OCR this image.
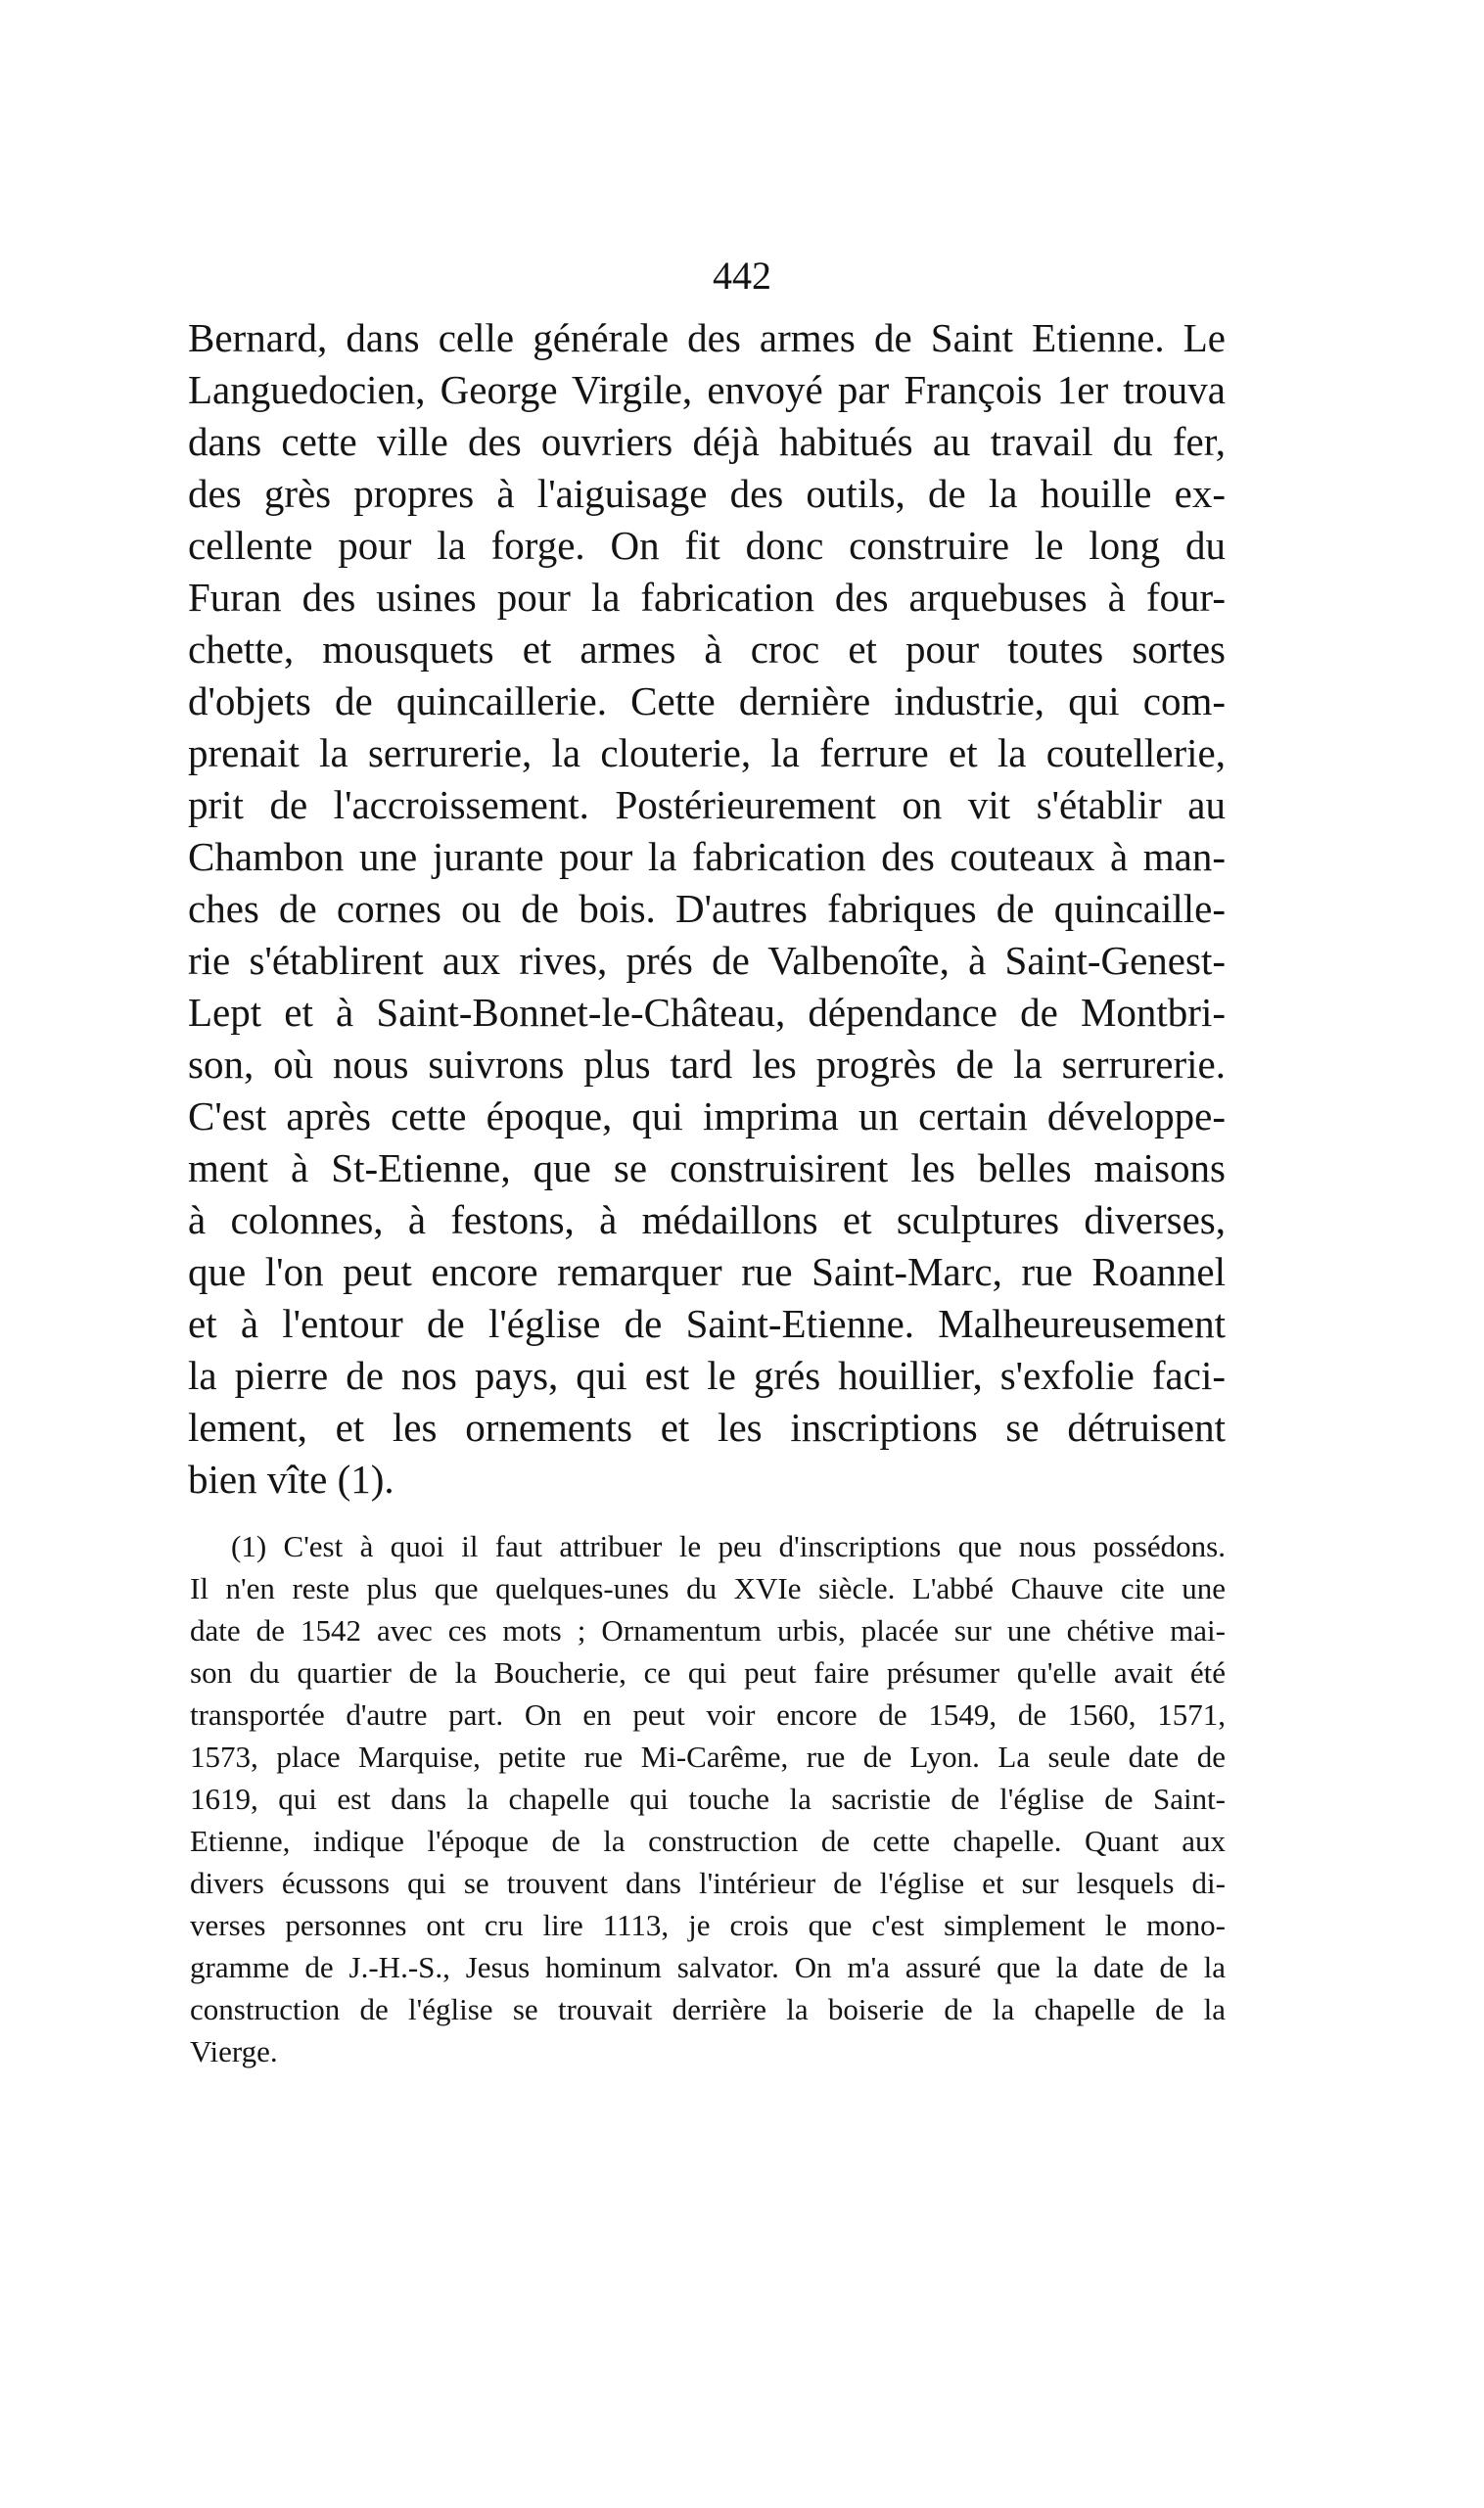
442
Bernard, dans celle générale des armes de Saint Etienne. Le
Languedocien, George Virgile, envoyé par François 1er trouva
dans cette ville des ouvriers déjà habitués au travail du fer,
des grès propres à l'aiguisage des outils, de la houille ex-
cellente pour la forge. On fit donc construire le long du
Furan des usines pour la fabrication des arquebuses à four-
chette, mousquets et armes à croc et pour toutes sortes
d'objets de quincaillerie. Cette dernière industrie, qui com-
prenait la serrurerie, la clouterie, la ferrure et la coutellerie,
prit de l'accroissement. Postérieurement on vit s'établir au
Chambon une jurante pour la fabrication des couteaux à man-
ches de cornes ou de bois. D'autres fabriques de quincaille-
rie s'établirent aux rives, prés de Valbenoîte, à Saint-Genest-
Lept et à Saint-Bonnet-le-Château, dépendance de Montbri-
son, où nous suivrons plus tard les progrès de la serrurerie.
C'est après cette époque, qui imprima un certain développe-
ment à St-Etienne, que se construisirent les belles maisons
à colonnes, à festons, à médaillons et sculptures diverses,
que l'on peut encore remarquer rue Saint-Marc, rue Roannel
et à l'entour de l'église de Saint-Etienne. Malheureusement
la pierre de nos pays, qui est le grés houillier, s'exfolie faci-
lement, et les ornements et les inscriptions se détruisent
bien vîte (1).
(1) C'est à quoi il faut attribuer le peu d'inscriptions que nous possédons.
Il n'en reste plus que quelques-unes du XVIe siècle. L'abbé Chauve cite une
date de 1542 avec ces mots ; Ornamentum urbis, placée sur une chétive mai-
son du quartier de la Boucherie, ce qui peut faire présumer qu'elle avait été
transportée d'autre part. On en peut voir encore de 1549, de 1560, 1571,
1573, place Marquise, petite rue Mi-Carême, rue de Lyon. La seule date de
1619, qui est dans la chapelle qui touche la sacristie de l'église de Saint-
Etienne, indique l'époque de la construction de cette chapelle. Quant aux
divers écussons qui se trouvent dans l'intérieur de l'église et sur lesquels di-
verses personnes ont cru lire 1113, je crois que c'est simplement le mono-
gramme de J.-H.-S., Jesus hominum salvator. On m'a assuré que la date de la
construction de l'église se trouvait derrière la boiserie de la chapelle de la
Vierge.
